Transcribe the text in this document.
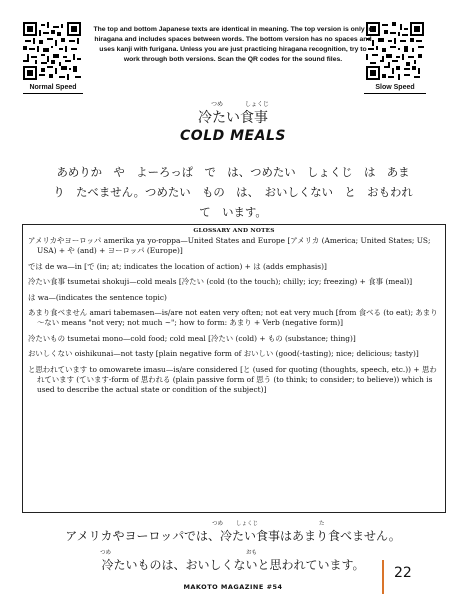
Normal Speed	Slow Speed
The top and bottom Japanese texts are identical in meaning. The top version is only in hiragana and includes spaces between words. The bottom version has no spaces and uses kanji with furigana. Unless you are just practicing hiragana recognition, try to work through both versions. Scan the QR codes for the sound files.
つめ	しょくじ
冷たい食事
COLD MEALS
あめりか　や　よーろっぱ　で　は、つめたい　しょくじ　は　あまり　たべません。つめたい　もの　は、　おいしくない　と　おもわれて　います。
GLOSSARY AND NOTES

アメリカやヨーロッパ amerika ya yo-roppa—United States and Europe [アメリカ (America; United States; US; USA) + や (and) + ヨーロッパ (Europe)]

では de wa—in [で (in; at; indicates the location of action) + は (adds emphasis)]

冷たい食事 tsumetai shokuji—cold meals [冷たい (cold (to the touch); chilly; icy; freezing) + 食事 (meal)]

は wa—(indicates the sentence topic)

あまり食べません amari tabemasen—is/are not eaten very often; not eat very much [from 食べる (to eat); あまり～ない means "not very; not much ~"; how to form: あまり + Verb (negative form)]

冷たいもの tsumetai mono—cold food; cold meal [冷たい (cold) + もの (substance; thing)]

おいしくない oishikunai—not tasty [plain negative form of おいしい (good(-tasting); nice; delicious; tasty)]

と思われています to omowarete imasu—is/are considered [と (used for quoting (thoughts, speech, etc.)) + 思われています (ています-form of 思われる (plain passive form of 思う (to think; to consider; to believe)) which is used to describe the actual state or condition of the subject)]

つめ しょくじ	た
アメリカやヨーロッパでは、冷たい食事はあまり食べません。
つめ	おも
冷たいものは、おいしくないと思われています。
MAKOTO MAGAZINE #54
22
